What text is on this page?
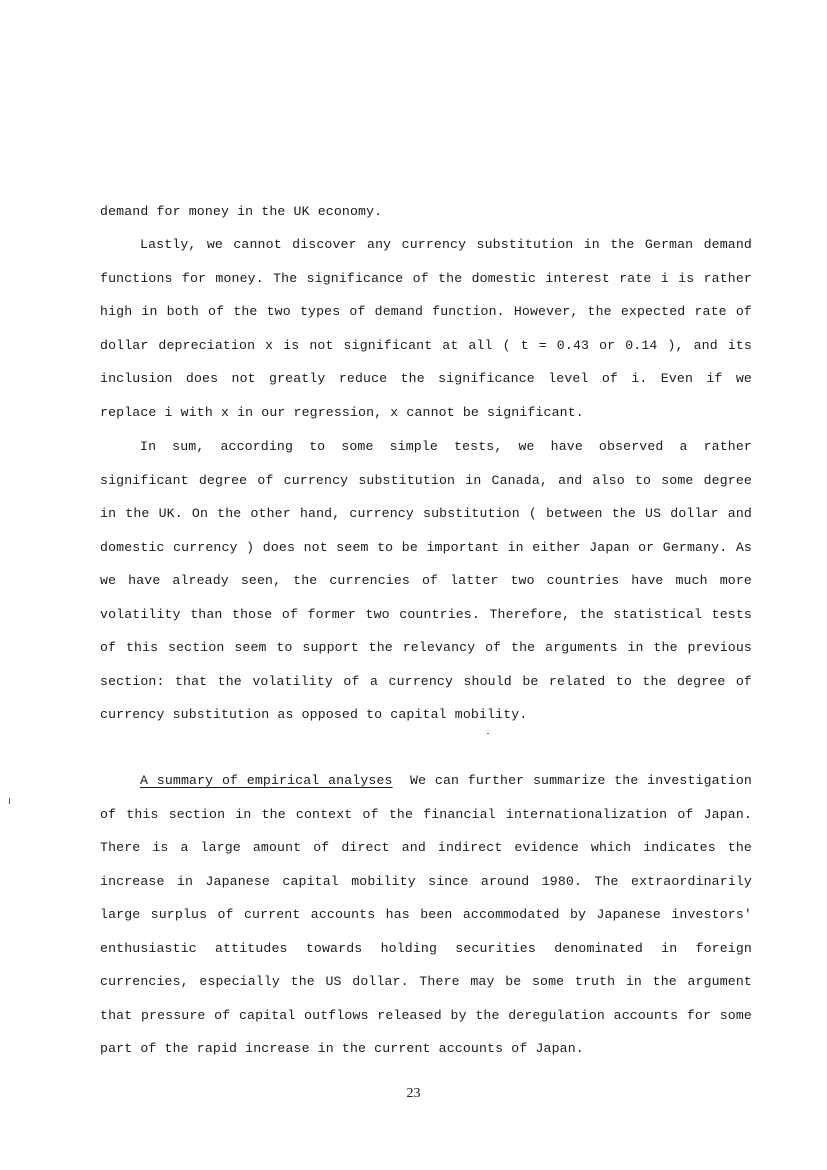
demand for money in the UK economy.
Lastly, we cannot discover any currency substitution in the German demand functions for money. The significance of the domestic interest rate i is rather high in both of the two types of demand function. However, the expected rate of dollar depreciation x is not significant at all ( t = 0.43 or 0.14 ), and its inclusion does not greatly reduce the significance level of i. Even if we replace i with x in our regression, x cannot be significant.
In sum, according to some simple tests, we have observed a rather significant degree of currency substitution in Canada, and also to some degree in the UK. On the other hand, currency substitution ( between the US dollar and domestic currency ) does not seem to be important in either Japan or Germany. As we have already seen, the currencies of latter two countries have much more volatility than those of former two countries. Therefore, the statistical tests of this section seem to support the relevancy of the arguments in the previous section: that the volatility of a currency should be related to the degree of currency substitution as opposed to capital mobility.
A summary of empirical analyses We can further summarize the investigation of this section in the context of the financial internationalization of Japan. There is a large amount of direct and indirect evidence which indicates the increase in Japanese capital mobility since around 1980. The extraordinarily large surplus of current accounts has been accommodated by Japanese investors' enthusiastic attitudes towards holding securities denominated in foreign currencies, especially the US dollar. There may be some truth in the argument that pressure of capital outflows released by the deregulation accounts for some part of the rapid increase in the current accounts of Japan.
23
